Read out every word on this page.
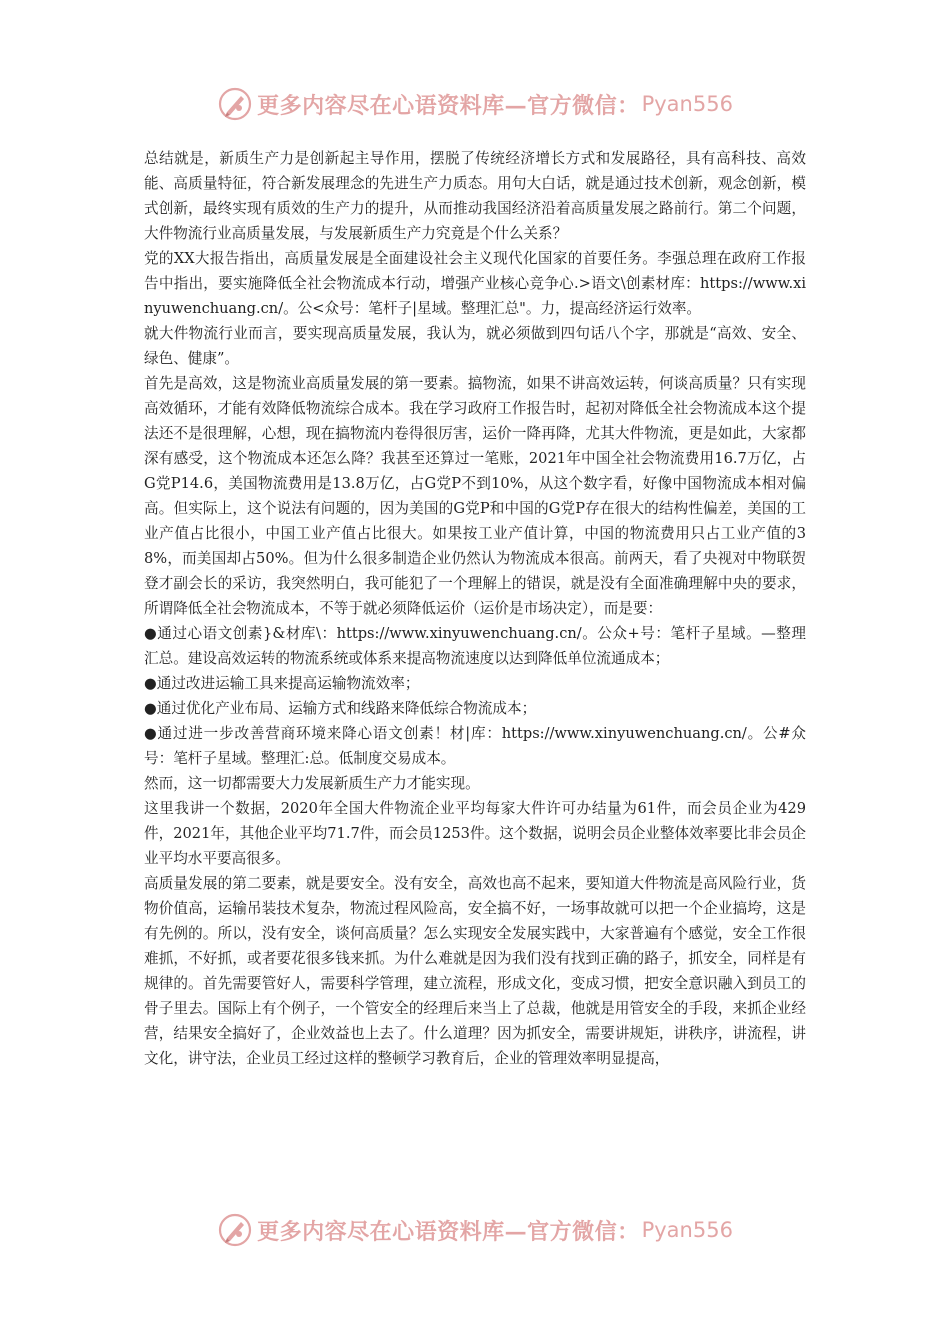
更多内容尽在心语资料库—官方微信： Pyan556

总结就是，新质生产力是创新起主导作用，摆脱了传统经济增长方式和发展路径，具有高科技、高效能、高质量特征，符合新发展理念的先进生产力质态。用句大白话，就是通过技术创新，观念创新，模式创新，最终实现有质效的生产力的提升，从而推动我国经济沿着高质量发展之路前行。第二个问题，大件物流行业高质量发展，与发展新质生产力究竟是个什么关系？

党的XX大报告指出，高质量发展是全面建设社会主义现代化国家的首要任务。李强总理在政府工作报告中指出，要实施降低全社会物流成本行动，增强产业核心竞争心.>语文\创素材库：https://www.xinyuwenchuang.cn/。公<众号：笔杆子|星域。整理汇总"。力，提高经济运行效率。

就大件物流行业而言，要实现高质量发展，我认为，就必须做到四句话八个字，那就是“高效、安全、绿色、健康”。

首先是高效，这是物流业高质量发展的第一要素。搞物流，如果不讲高效运转，何谈高质量？只有实现高效循环，才能有效降低物流综合成本。我在学习政府工作报告时，起初对降低全社会物流成本这个提法还不是很理解，心想，现在搞物流内卷得很厉害，运价一降再降，尤其大件物流，更是如此，大家都深有感受，这个物流成本还怎么降？我甚至还算过一笔账，2021年中国全社会物流费用16.7万亿，占G党P14.6，美国物流费用是13.8万亿，占G党P不到10%，从这个数字看，好像中国物流成本相对偏高。但实际上，这个说法有问题的，因为美国的G党P和中国的G党P存在很大的结构性偏差，美国的工业产值占比很小，中国工业产值占比很大。如果按工业产值计算，中国的物流费用只占工业产值的38%，而美国却占50%。但为什么很多制造企业仍然认为物流成本很高。前两天，看了央视对中物联贺登才副会长的采访，我突然明白，我可能犯了一个理解上的错误，就是没有全面准确理解中央的要求，所谓降低全社会物流成本，不等于就必须降低运价（运价是市场决定），而是要：

●通过心语文创素}&材库\：https://www.xinyuwenchuang.cn/。公众+号：笔杆子星域。—整理汇总。建设高效运转的物流系统或体系来提高物流速度以达到降低单位流通成本；

●通过改进运输工具来提高运输物流效率；

●通过优化产业布局、运输方式和线路来降低综合物流成本；

●通过进一步改善营商环境来降心语文创素！材|库：https://www.xinyuwenchuang.cn/。公#众号：笔杆子星域。整理汇:总。低制度交易成本。

然而，这一切都需要大力发展新质生产力才能实现。

这里我讲一个数据，2020年全国大件物流企业平均每家大件许可办结量为61件，而会员企业为429件，2021年，其他企业平均71.7件，而会员1253件。这个数据，说明会员企业整体效率要比非会员企业平均水平要高很多。

高质量发展的第二要素，就是要安全。没有安全，高效也高不起来，要知道大件物流是高风险行业，货物价值高，运输吊装技术复杂，物流过程风险高，安全搞不好，一场事故就可以把一个企业搞垮，这是有先例的。所以，没有安全，谈何高质量？怎么实现安全发展实践中，大家普遍有个感觉，安全工作很难抓，不好抓，或者要花很多钱来抓。为什么难就是因为我们没有找到正确的路子，抓安全，同样是有规律的。首先需要管好人，需要科学管理，建立流程，形成文化，变成习惯，把安全意识融入到员工的骨子里去。国际上有个例子，一个管安全的经理后来当上了总裁，他就是用管安全的手段，来抓企业经营，结果安全搞好了，企业效益也上去了。什么道理？因为抓安全，需要讲规矩，讲秩序，讲流程，讲文化，讲守法，企业员工经过这样的整顿学习教育后，企业的管理效率明显提高，

更多内容尽在心语资料库—官方微信： Pyan556
